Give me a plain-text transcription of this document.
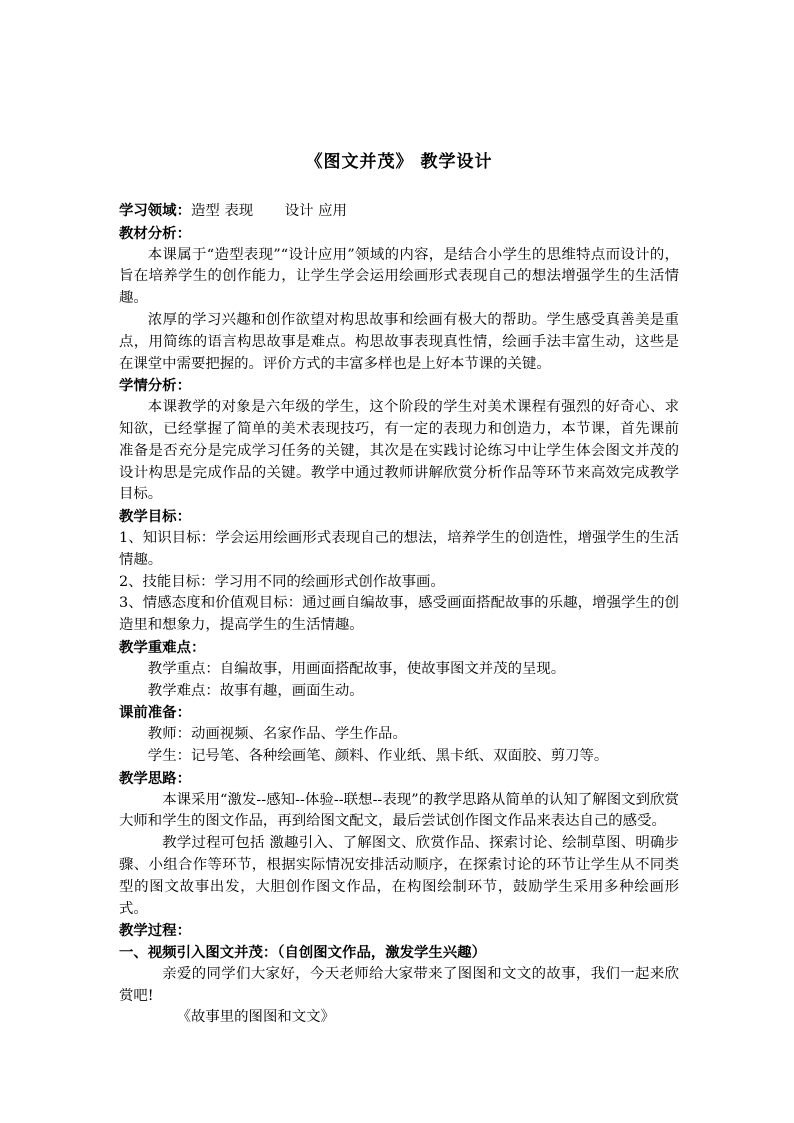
《图文并茂》 教学设计

学习领域：造型 表现 设计 应用

教材分析：

本课属于“造型表现”“设计应用”领域的内容，是结合小学生的思维特点而设计的，旨在培养学生的创作能力，让学生学会运用绘画形式表现自己的想法增强学生的生活情趣。

浓厚的学习兴趣和创作欲望对构思故事和绘画有极大的帮助。学生感受真善美是重点，用简练的语言构思故事是难点。构思故事表现真性情，绘画手法丰富生动，这些是在课堂中需要把握的。评价方式的丰富多样也是上好本节课的关键。

学情分析：

本课教学的对象是六年级的学生，这个阶段的学生对美术课程有强烈的好奇心、求知欲，已经掌握了简单的美术表现技巧，有一定的表现力和创造力，本节课，首先课前准备是否充分是完成学习任务的关键，其次是在实践讨论练习中让学生体会图文并茂的设计构思是完成作品的关键。教学中通过教师讲解欣赏分析作品等环节来高效完成教学目标。

教学目标：

1、知识目标：学会运用绘画形式表现自己的想法，培养学生的创造性，增强学生的生活情趣。

2、技能目标：学习用不同的绘画形式创作故事画。

3、情感态度和价值观目标：通过画自编故事，感受画面搭配故事的乐趣，增强学生的创造里和想象力，提高学生的生活情趣。

教学重难点：

教学重点：自编故事，用画面搭配故事，使故事图文并茂的呈现。

教学难点：故事有趣，画面生动。

课前准备：

教师：动画视频、名家作品、学生作品。

学生：记号笔、各种绘画笔、颜料、作业纸、黑卡纸、双面胶、剪刀等。

教学思路：

本课采用“激发--感知--体验--联想--表现”的教学思路从简单的认知了解图文到欣赏大师和学生的图文作品，再到给图文配文，最后尝试创作图文作品来表达自己的感受。

教学过程可包括 激趣引入、了解图文、欣赏作品、探索讨论、绘制草图、明确步骤、小组合作等环节，根据实际情况安排活动顺序，在探索讨论的环节让学生从不同类型的图文故事出发，大胆创作图文作品，在构图绘制环节，鼓励学生采用多种绘画形式。

教学过程：

一、视频引入图文并茂：（自创图文作品，激发学生兴趣）

亲爱的同学们大家好，今天老师给大家带来了图图和文文的故事，我们一起来欣赏吧!

《故事里的图图和文文》
